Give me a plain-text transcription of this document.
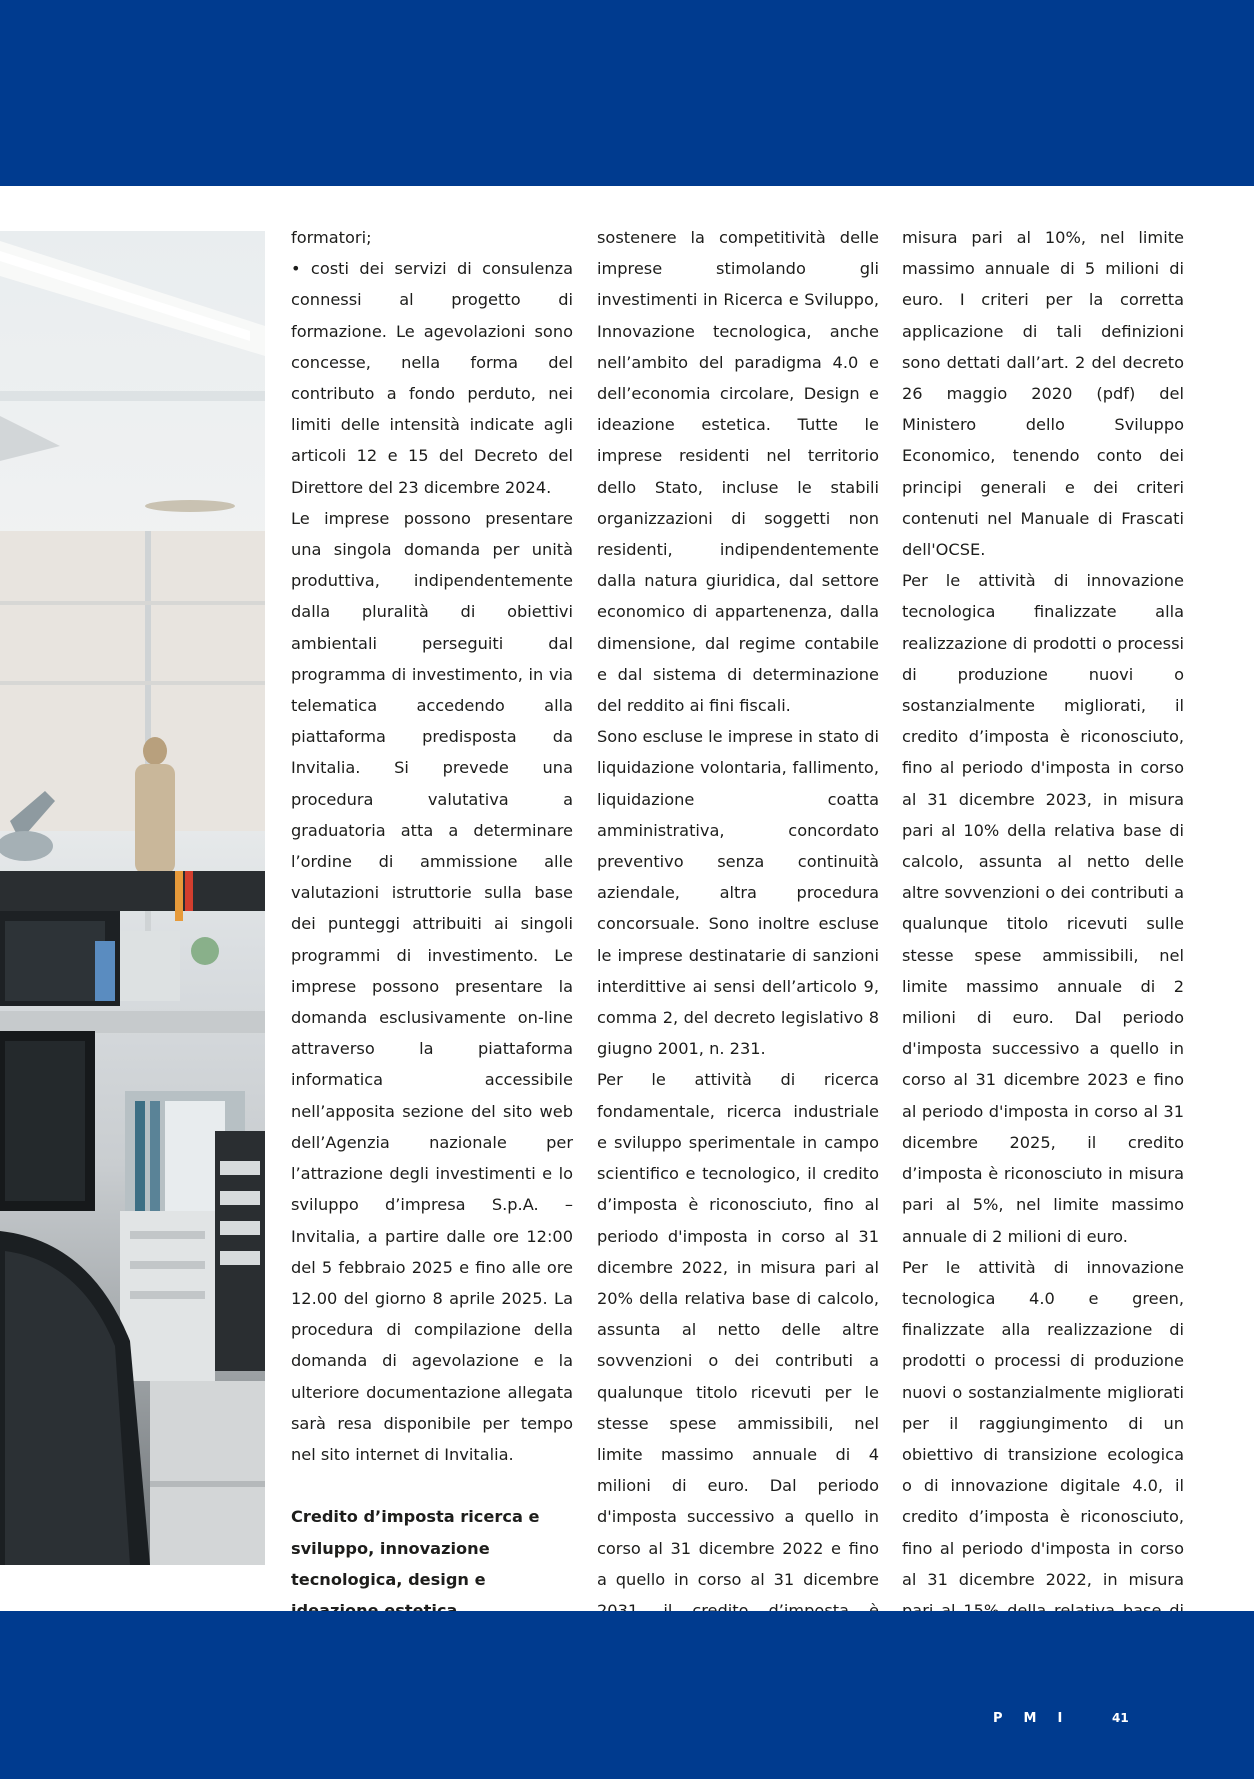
formatori;

• costi dei servizi di consulenza connessi al progetto di formazione. Le agevolazioni sono concesse, nella forma del contributo a fondo perduto, nei limiti delle intensità indicate agli articoli 12 e 15 del Decreto del Direttore del 23 dicembre 2024.

Le imprese possono presentare una singola domanda per unità produttiva, indipendentemente dalla pluralità di obiettivi ambientali perseguiti dal programma di investimento, in via telematica accedendo alla piattaforma predisposta da Invitalia. Si prevede una procedura valutativa a graduatoria atta a determinare l’ordine di ammissione alle valutazioni istruttorie sulla base dei punteggi attribuiti ai singoli programmi di investimento. Le imprese possono presentare la domanda esclusivamente on-line attraverso la piattaforma informatica accessibile nell’apposita sezione del sito web dell’Agenzia nazionale per l’attrazione degli investimenti e lo sviluppo d’impresa S.p.A. – Invitalia, a partire dalle ore 12:00 del 5 febbraio 2025 e fino alle ore 12.00 del giorno 8 aprile 2025. La procedura di compilazione della domanda di agevolazione e la ulteriore documentazione allegata sarà resa disponibile per tempo nel sito internet di Invitalia.

Credito d’imposta ricerca e sviluppo, innovazione tecnologica, design e

sostenere la competitività delle imprese stimolando gli investimenti in Ricerca e Sviluppo, Innovazione tecnologica, anche nell’ambito del paradigma 4.0 e dell’economia circolare, Design e ideazione estetica. Tutte le imprese residenti nel territorio dello Stato, incluse le stabili organizzazioni di soggetti non residenti, indipendentemente dalla natura giuridica, dal settore economico di appartenenza, dalla dimensione, dal regime contabile e dal sistema di determinazione del reddito ai fini fiscali.

Sono escluse le imprese in stato di liquidazione volontaria, fallimento, liquidazione coatta amministrativa, concordato preventivo senza continuità aziendale, altra procedura concorsuale. Sono inoltre escluse le imprese destinatarie di sanzioni interdittive ai sensi dell’articolo 9, comma 2, del decreto legislativo 8 giugno 2001, n. 231.

Per le attività di ricerca fondamentale, ricerca industriale e sviluppo sperimentale in campo scientifico e tecnologico, il credito d’imposta è riconosciuto, fino al periodo d'imposta in corso al 31 dicembre 2022, in misura pari al 20% della relativa base di calcolo, assunta al netto delle altre sovvenzioni o dei contributi a qualunque titolo ricevuti per le stesse spese ammissibili, nel limite massimo annuale di 4 milioni di euro. Dal periodo d'imposta successivo a quello in corso al 31 dicembre 2022 e fino a quello in corso al 31 dicembre

misura pari al 10%, nel limite massimo annuale di 5 milioni di euro. I criteri per la corretta applicazione di tali definizioni sono dettati dall’art. 2 del decreto 26 maggio 2020 (pdf) del Ministero dello Sviluppo Economico, tenendo conto dei principi generali e dei criteri contenuti nel Manuale di Frascati dell'OCSE.

Per le attività di innovazione tecnologica finalizzate alla realizzazione di prodotti o processi di produzione nuovi o sostanzialmente migliorati, il credito d’imposta è riconosciuto, fino al periodo d'imposta in corso al 31 dicembre 2023, in misura pari al 10% della relativa base di calcolo, assunta al netto delle altre sovvenzioni o dei contributi a qualunque titolo ricevuti sulle stesse spese ammissibili, nel limite massimo annuale di 2 milioni di euro. Dal periodo d'imposta successivo a quello in corso al 31 dicembre 2023 e fino al periodo d'imposta in corso al 31 dicembre 2025, il credito d’imposta è riconosciuto in misura pari al 5%, nel limite massimo annuale di 2 milioni di euro.

Per le attività di innovazione tecnologica 4.0 e green, finalizzate alla realizzazione di prodotti o processi di produzione nuovi o sostanzialmente migliorati per il raggiungimento di un obiettivo di transizione ecologica o di innovazione digitale 4.0, il credito d’imposta è riconosciuto, fino al periodo d'imposta in corso al 31 dicembre 2022, in misura

PMI 41
